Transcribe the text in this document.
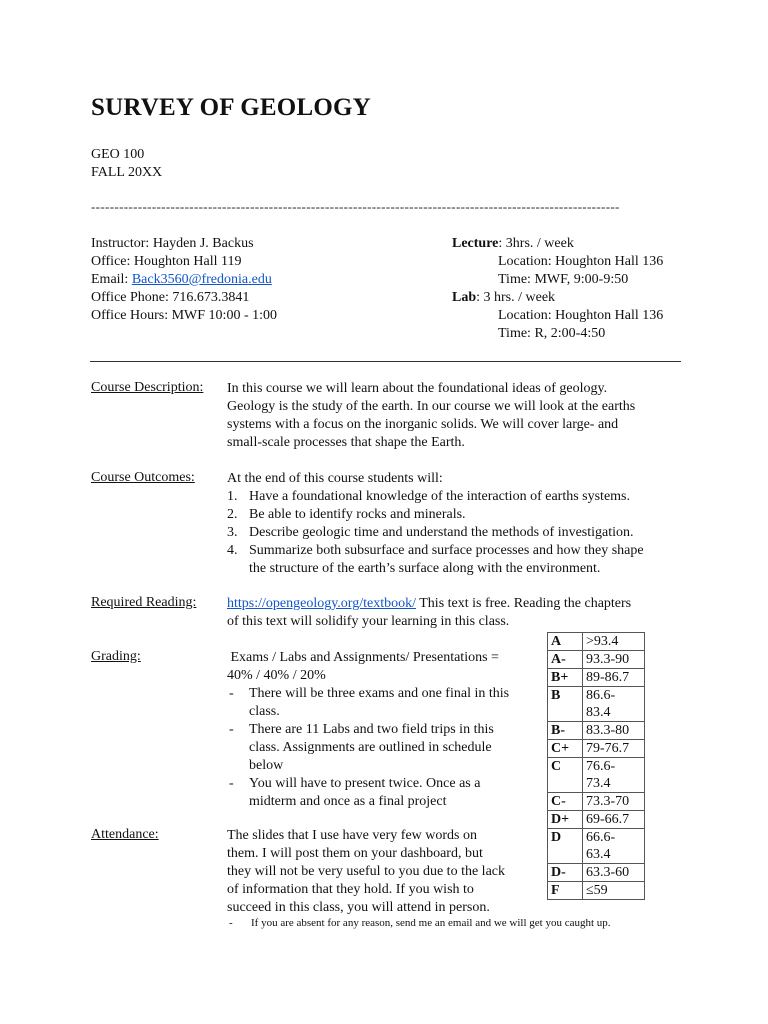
SURVEY OF GEOLOGY
GEO 100
FALL 20XX
-----------------------------------------------------------------------------------------------------------------
Instructor: Hayden J. Backus
Office: Houghton Hall 119
Email: Back3560@fredonia.edu
Office Phone: 716.673.3841
Office Hours: MWF 10:00 - 1:00
Lecture: 3hrs. / week
Location: Houghton Hall 136
Time: MWF, 9:00-9:50
Lab: 3 hrs. / week
Location: Houghton Hall 136
Time: R, 2:00-4:50
Course Description: In this course we will learn about the foundational ideas of geology.
Geology is the study of the earth. In our course we will look at the earths
systems with a focus on the inorganic solids. We will cover large- and
small-scale processes that shape the Earth.
Course Outcomes: At the end of this course students will:
1. Have a foundational knowledge of the interaction of earths systems.
2. Be able to identify rocks and minerals.
3. Describe geologic time and understand the methods of investigation.
4. Summarize both subsurface and surface processes and how they shape
the structure of the earth’s surface along with the environment.
Required Reading: https://opengeology.org/textbook/ This text is free. Reading the chapters
of this text will solidify your learning in this class.
Grading:	Exams / Labs and Assignments/ Presentations =
40% / 40% / 20%
- There will be three exams and one final in this
class.
- There are 11 Labs and two field trips in this
class. Assignments are outlined in schedule
below
- You will have to present twice. Once as a
midterm and once as a final project
A	>93.4

A-	93.3-90

B+	89-86.7

B	86.6-
83.4

B-	83.3-80

C+	79-76.7

C	76.6-
73.4

C-	73.3-70

D+	69-66.7

D	66.6-
63.4

D-	63.3-60

F	≤59
Attendance:	The slides that I use have very few words on
them. I will post them on your dashboard, but
they will not be very useful to you due to the lack
of information that they hold. If you wish to
succeed in this class, you will attend in person.
- If you are absent for any reason, send me an email and we will get you caught up.
